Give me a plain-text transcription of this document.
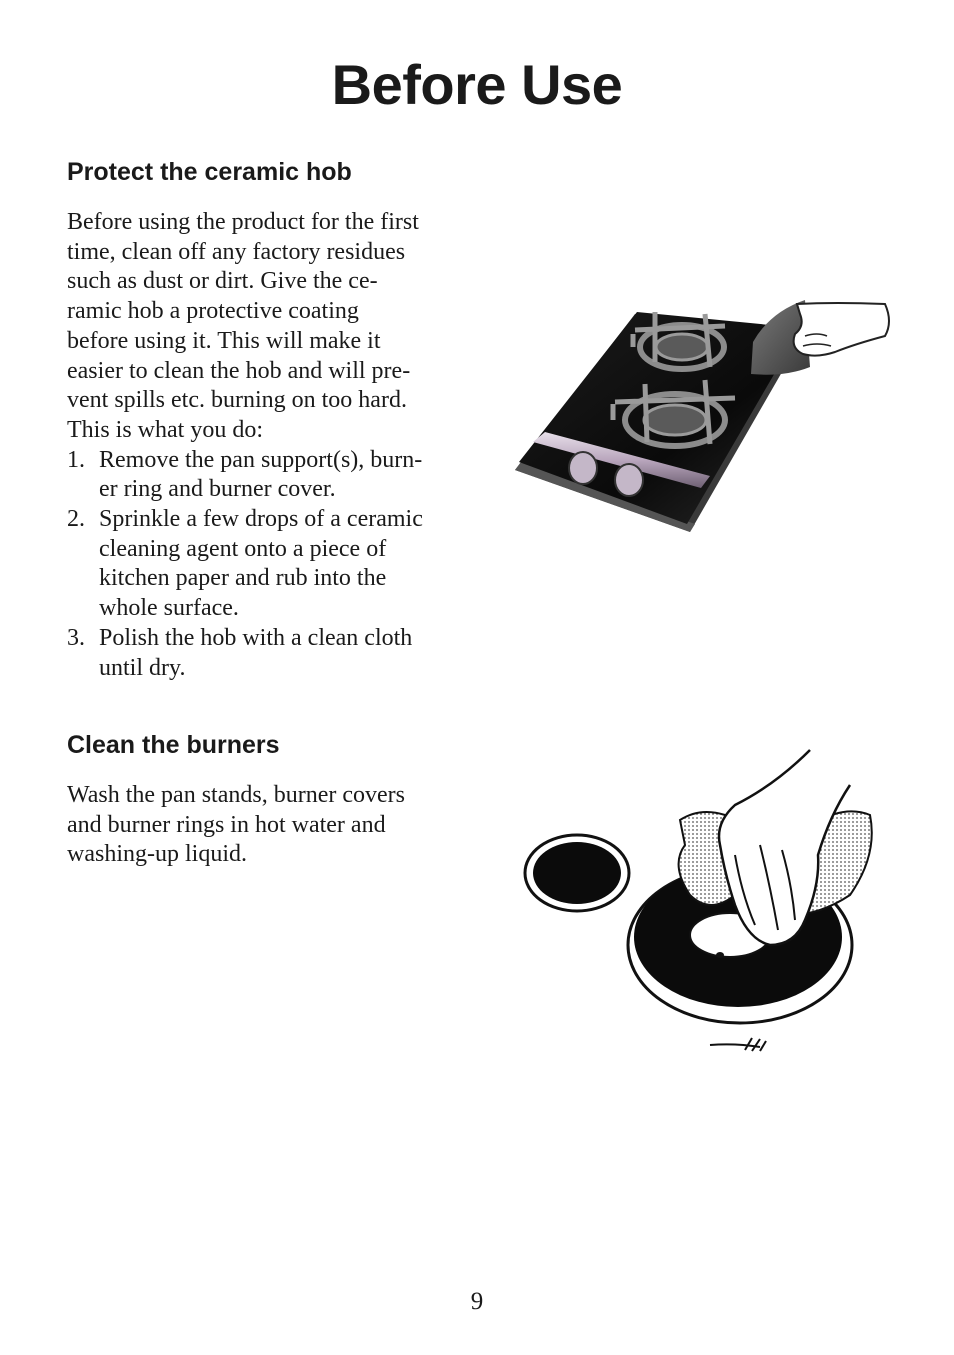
Before Use
Protect the ceramic hob
Before using the product for the first
time, clean off any factory residues
such as dust or dirt. Give the ce-
ramic hob a protective coating
before using it. This will make it
easier to clean the hob and will pre-
vent spills etc. burning on too hard.
This is what you do:
1. Remove the pan support(s), burn-
er ring and burner cover.
2. Sprinkle a few drops of a ceramic
cleaning agent onto a piece of
kitchen paper and rub into the
whole surface.
3. Polish the hob with a clean cloth
until dry.
Clean the burners
Wash the pan stands, burner covers
and burner rings in hot water and
washing-up liquid.
9
